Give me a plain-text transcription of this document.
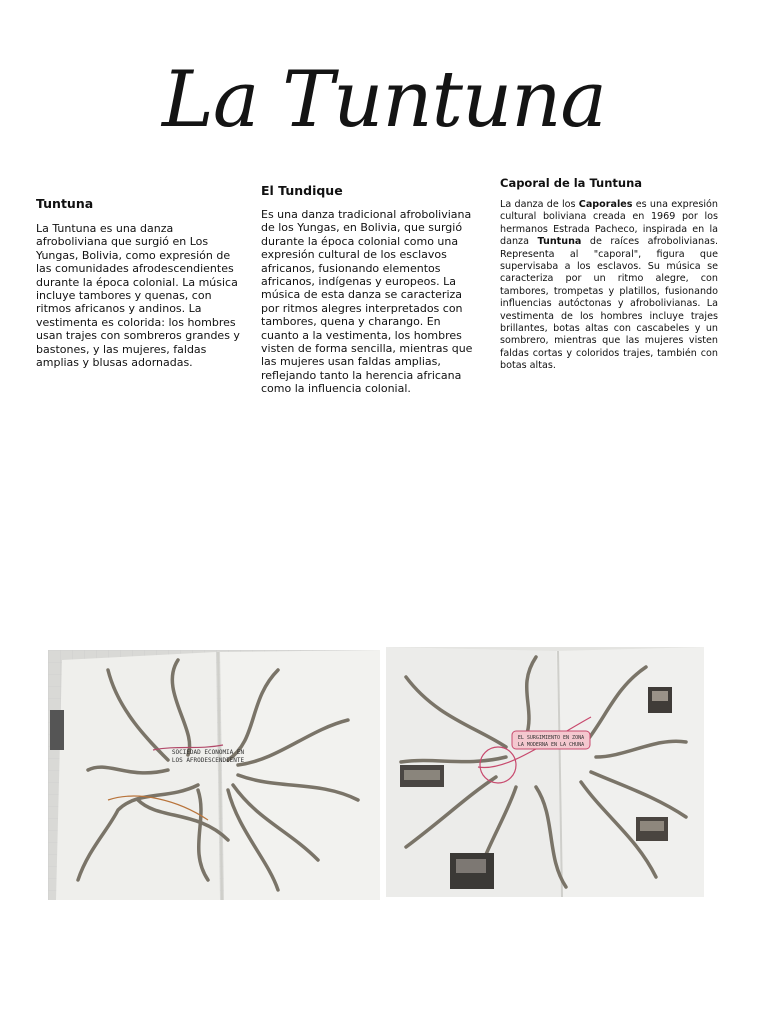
La Tuntuna
Tuntuna

La Tuntuna es una danza afroboliviana que surgió en Los Yungas, Bolivia, como expresión de las comunidades afrodescendientes durante la época colonial. La música incluye tambores y quenas, con ritmos africanos y andinos. La vestimenta es colorida: los hombres usan trajes con sombreros grandes y bastones, y las mujeres, faldas amplias y blusas adornadas.

El Tundique

Es una danza tradicional afroboliviana de los Yungas, en Bolivia, que surgió durante la época colonial como una expresión cultural de los esclavos africanos, fusionando elementos africanos, indígenas y europeos. La música de esta danza se caracteriza por ritmos alegres interpretados con tambores, quena y charango. En cuanto a la vestimenta, los hombres visten de forma sencilla, mientras que las mujeres usan faldas amplias, reflejando tanto la herencia africana como la influencia colonial.

Caporal de la Tuntuna

La danza de los Caporales es una expresión cultural boliviana creada en 1969 por los hermanos Estrada Pacheco, inspirada en la danza Tuntuna de raíces afrobolivianas. Representa al "caporal", figura que supervisaba a los esclavos. Su música se caracteriza por un ritmo alegre, con tambores, trompetas y platillos, fusionando influencias autóctonas y afrobolivianas. La vestimenta de los hombres incluye trajes brillantes, botas altas con cascabeles y un sombrero, mientras que las mujeres visten faldas cortas y coloridos trajes, también con botas altas.

SOCIEDAD ECONOMIA EN
LOS AFRODESCENDIENTE
EL SURGIMIENTO EN ZONA
LA MODERNA EN LA CHUNA
